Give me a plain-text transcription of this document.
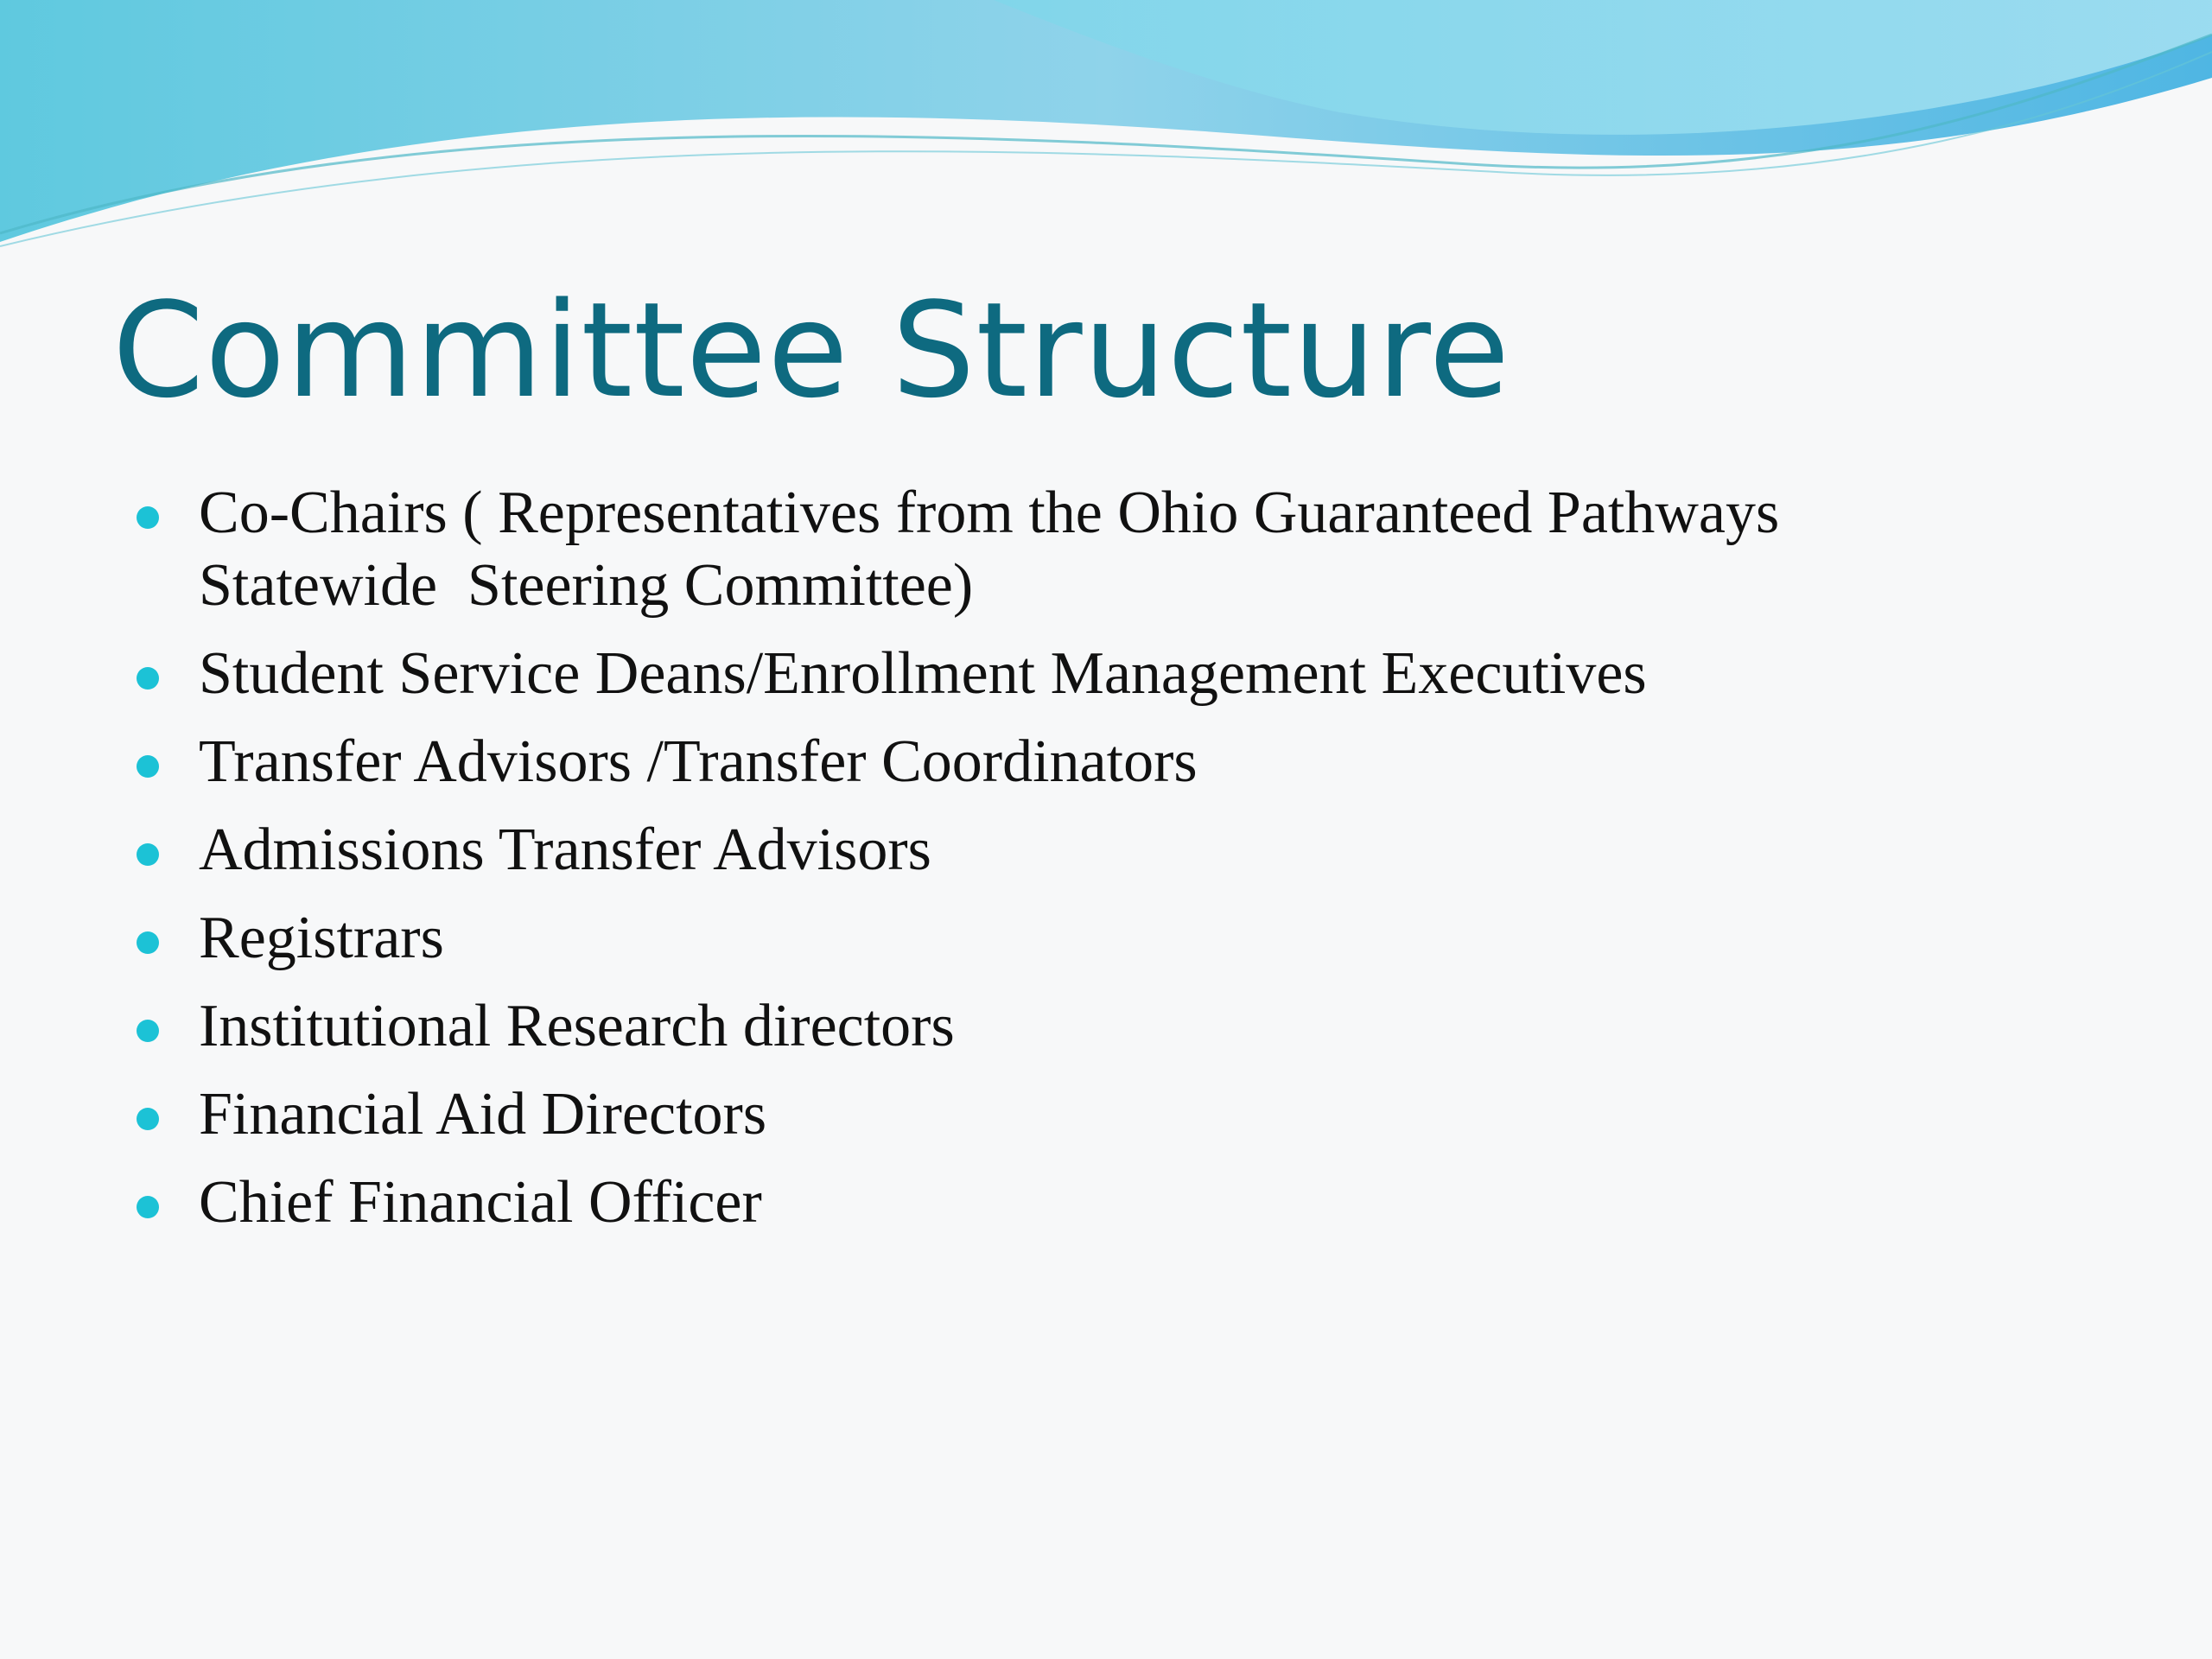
Committee Structure
Co-Chairs ( Representatives from the Ohio Guaranteed Pathways
Statewide  Steering Committee)
Student Service Deans/Enrollment Management Executives
Transfer Advisors /Transfer Coordinators
Admissions Transfer Advisors
Registrars
Institutional Research directors
Financial Aid Directors
Chief Financial Officer
